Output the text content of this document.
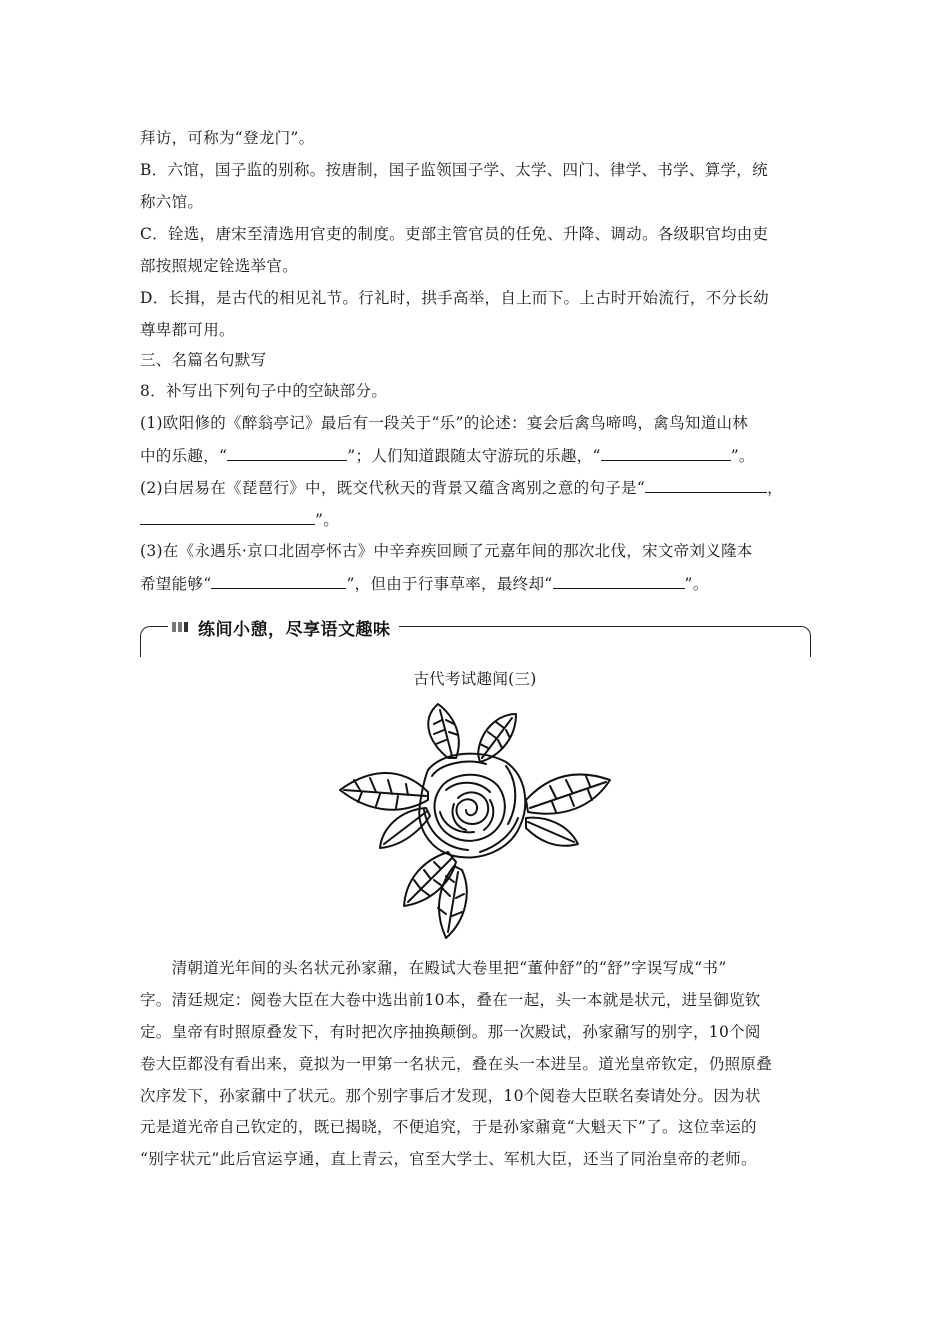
拜访，可称为“登龙门”。
B．六馆，国子监的别称。按唐制，国子监领国子学、太学、四门、律学、书学、算学，统
称六馆。
C．铨选，唐宋至清选用官吏的制度。吏部主管官员的任免、升降、调动。各级职官均由吏
部按照规定铨选举官。
D．长揖，是古代的相见礼节。行礼时，拱手高举，自上而下。上古时开始流行，不分长幼
尊卑都可用。
三、名篇名句默写
8．补写出下列句子中的空缺部分。
(1)欧阳修的《醉翁亭记》最后有一段关于“乐”的论述：宴会后禽鸟啼鸣，禽鸟知道山林
中的乐趣，“	”；人们知道跟随太守游玩的乐趣，“	”。
(2)白居易在《琵琶行》中，既交代秋天的背景又蕴含离别之意的句子是“	，
”。
(3)在《永遇乐·京口北固亭怀古》中辛弃疾回顾了元嘉年间的那次北伐，宋文帝刘义隆本
希望能够“	”，但由于行事草率，最终却“	”。
练间小憩，尽享语文趣味
古代考试趣闻(三)
　　清朝道光年间的头名状元孙家鼐，在殿试大卷里把“董仲舒”的“舒”字误写成“书”
字。清廷规定：阅卷大臣在大卷中选出前10本，叠在一起，头一本就是状元，进呈御览钦
定。皇帝有时照原叠发下，有时把次序抽换颠倒。那一次殿试，孙家鼐写的别字，10个阅
卷大臣都没有看出来，竟拟为一甲第一名状元，叠在头一本进呈。道光皇帝钦定，仍照原叠
次序发下，孙家鼐中了状元。那个别字事后才发现，10个阅卷大臣联名奏请处分。因为状
元是道光帝自己钦定的，既已揭晓，不便追究，于是孙家鼐竟“大魁天下”了。这位幸运的
“别字状元”此后官运亨通，直上青云，官至大学士、军机大臣，还当了同治皇帝的老师。
